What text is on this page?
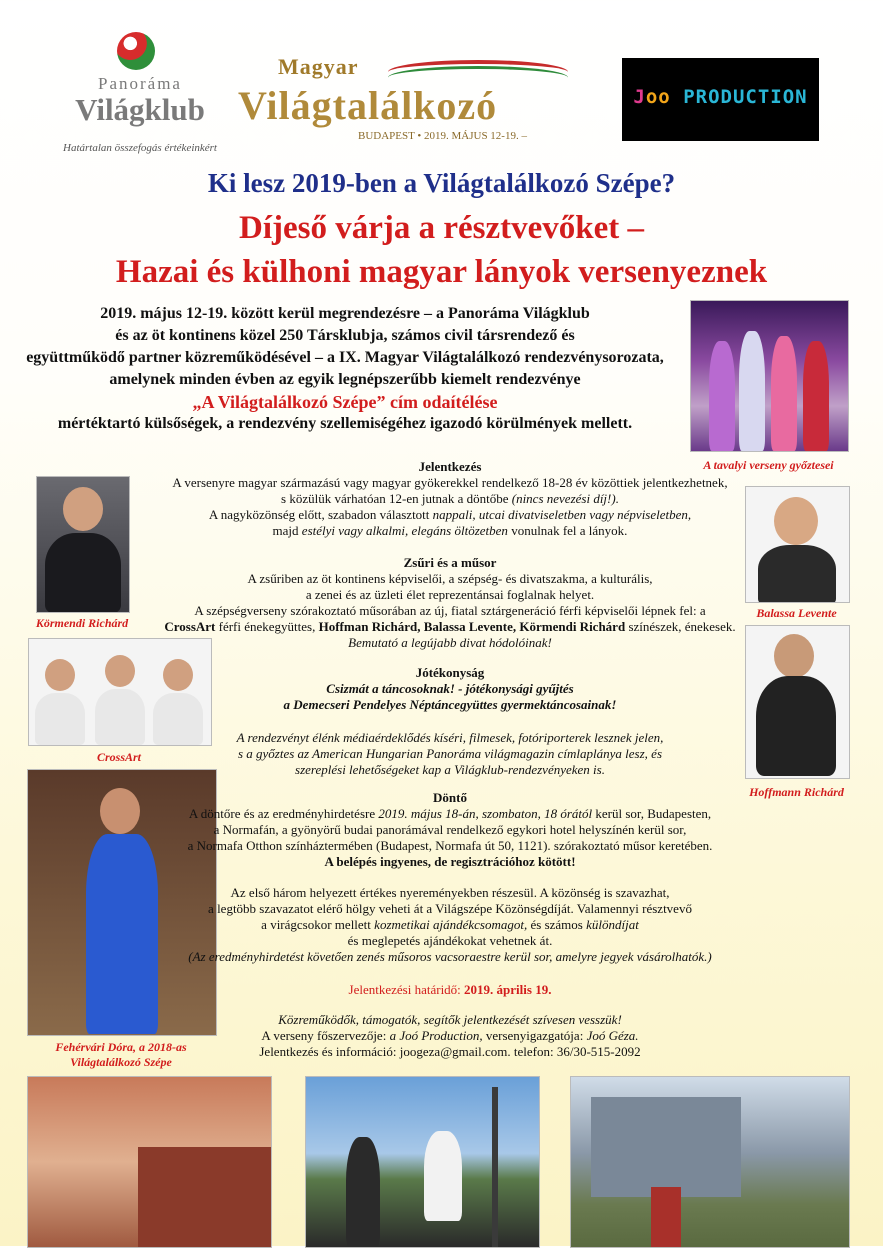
Panoráma
Világklub
Határtalan összefogás értékeinkért
Magyar
Világtalálkozó
BUDAPEST • 2019. MÁJUS 12-19. –
Joo PRODUCTION
Ki lesz 2019-ben a Világtalálkozó Szépe?
Díjeső várja a résztvevőket –
Hazai és külhoni magyar lányok versenyeznek

2019. május 12-19. között kerül megrendezésre – a Panoráma Világklub

és az öt kontinens közel 250 Társklubja, számos civil társrendező és

együttműködő partner közreműködésével – a IX. Magyar Világtalálkozó rendezvénysorozata,

amelynek minden évben az egyik legnépszerűbb kiemelt rendezvénye

„A Világtalálkozó Szépe” cím odaítélése

mértéktartó külsőségek, a rendezvény szellemiségéhez igazodó körülmények mellett.

A tavalyi verseny győztesei
Balassa Levente
Hoffmann Richárd
Körmendi Richárd
CrossArt
Fehérvári Dóra, a 2018-as
Világtalálkozó Szépe

Jelentkezés

A versenyre magyar származású vagy magyar gyökerekkel rendelkező 18-28 év közöttiek jelentkezhetnek,

s közülük várhatóan 12-en jutnak a döntőbe (nincs nevezési díj!).

A nagyközönség előtt, szabadon választott nappali, utcai divatviseletben vagy népviseletben,

majd estélyi vagy alkalmi, elegáns öltözetben vonulnak fel a lányok.

Zsűri és a műsor

A zsűriben az öt kontinens képviselői, a szépség- és divatszakma, a kulturális,

a zenei és az üzleti élet reprezentánsai foglalnak helyet.

A szépségverseny szórakoztató műsorában az új, fiatal sztárgeneráció férfi képviselői lépnek fel: a

CrossArt férfi énekegyüttes, Hoffman Richárd, Balassa Levente, Körmendi Richárd színészek, énekesek.

Bemutató a legújabb divat hódolóinak!

Jótékonyság

Csizmát a táncosoknak! - jótékonysági gyűjtés

a Demecseri Pendelyes Néptáncegyüttes gyermektáncosainak!

A rendezvényt élénk médiaérdeklődés kíséri, filmesek, fotóriporterek lesznek jelen,

s a győztes az American Hungarian Panoráma világmagazin címlaplánya lesz, és

szereplési lehetőségeket kap a Világklub-rendezvényeken is.

Döntő

A döntőre és az eredményhirdetésre 2019. május 18-án, szombaton, 18 órától kerül sor, Budapesten,

a Normafán, a gyönyörű budai panorámával rendelkező egykori hotel helyszínén kerül sor,

a Normafa Otthon színháztermében (Budapest, Normafa út 50, 1121). szórakoztató műsor keretében.

A belépés ingyenes, de regisztrációhoz kötött!

Az első három helyezett értékes nyereményekben részesül. A közönség is szavazhat,

a legtöbb szavazatot elérő hölgy veheti át a Világszépe Közönségdíját. Valamennyi résztvevő

a virágcsokor mellett kozmetikai ajándékcsomagot, és számos különdíjat

és meglepetés ajándékokat vehetnek át.

(Az eredményhirdetést követően zenés műsoros vacsoraestre kerül sor, amelyre jegyek vásárolhatók.)

Jelentkezési határidő: 2019. április 19.

Közreműködők, támogatók, segítők jelentkezését szívesen vesszük!

A verseny főszervezője: a Joó Production, versenyigazgatója: Joó Géza.

Jelentkezés és információ: joogeza@gmail.com. telefon: 36/30-515-2092
